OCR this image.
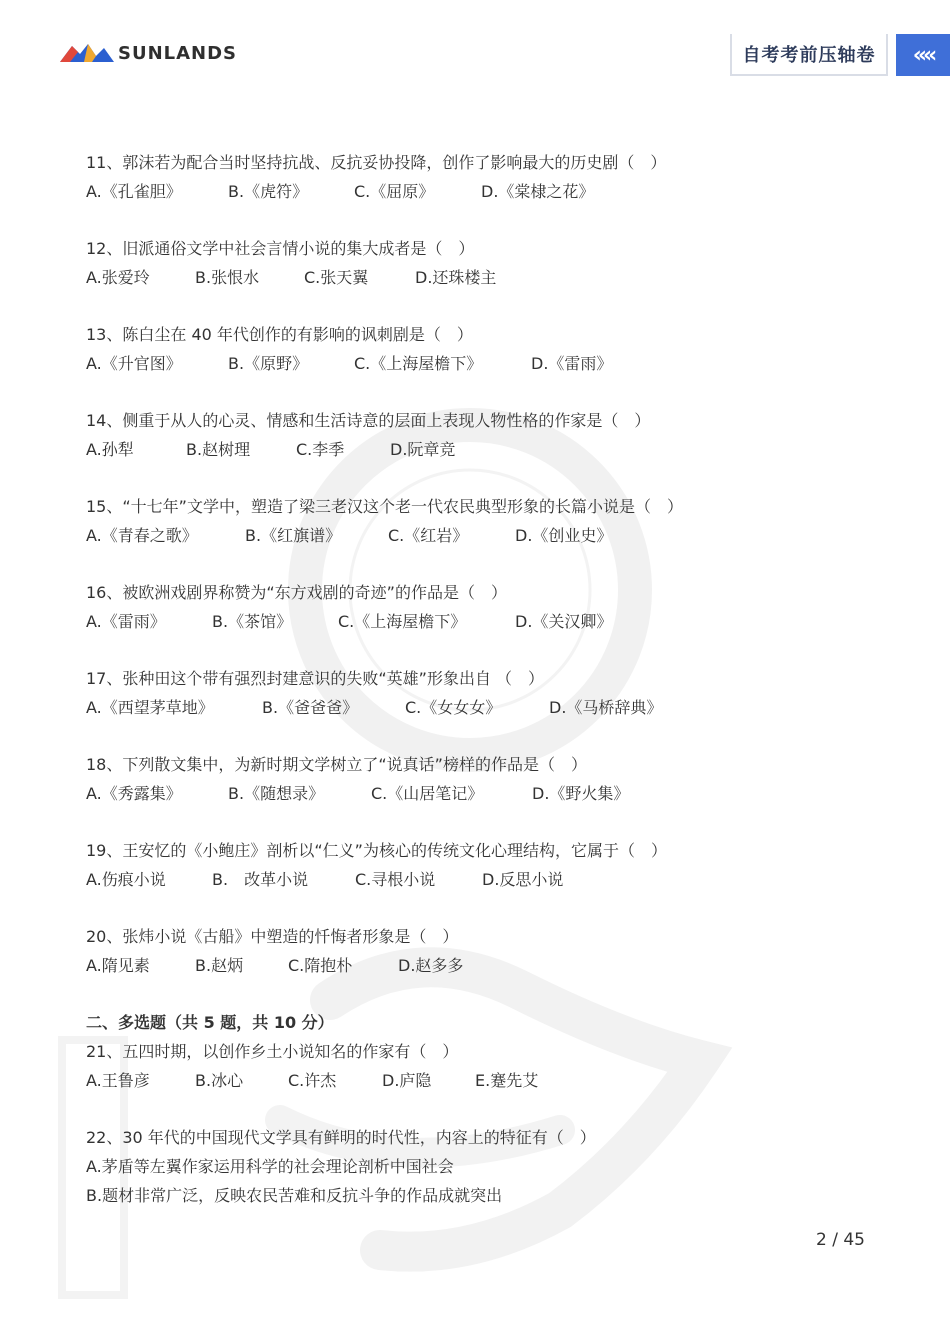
SUNLANDS	自考考前压轴卷 « «
11、郭沫若为配合当时坚持抗战、反抗妥协投降，创作了影响最大的历史剧（　）
A.《孔雀胆》	B.《虎符》	C.《屈原》	D.《棠棣之花》
12、旧派通俗文学中社会言情小说的集大成者是（　）
A.张爱玲	B.张恨水	C.张天翼	D.还珠楼主
13、陈白尘在 40 年代创作的有影响的讽刺剧是（　）
A.《升官图》	B.《原野》	C.《上海屋檐下》	D.《雷雨》
14、侧重于从人的心灵、情感和生活诗意的层面上表现人物性格的作家是（　）
A.孙犁	B.赵树理	C.李季	D.阮章竞
15、“十七年”文学中，塑造了梁三老汉这个老一代农民典型形象的长篇小说是（　）
A.《青春之歌》	B.《红旗谱》	C.《红岩》	D.《创业史》
16、被欧洲戏剧界称赞为“东方戏剧的奇迹”的作品是（　）
A.《雷雨》	B.《茶馆》	C.《上海屋檐下》	D.《关汉卿》
17、张种田这个带有强烈封建意识的失败“英雄”形象出自 （　）
A.《西望茅草地》	B.《爸爸爸》	C.《女女女》	D.《马桥辞典》
18、下列散文集中，为新时期文学树立了“说真话”榜样的作品是（　）
A.《秀露集》	B.《随想录》	C.《山居笔记》	D.《野火集》
19、王安忆的《小鲍庄》剖析以“仁义”为核心的传统文化心理结构，它属于（　）
A.伤痕小说	B.　改革小说	C.寻根小说	D.反思小说
20、张炜小说《古船》中塑造的忏悔者形象是（　）
A.隋见素	B.赵炳	C.隋抱朴	D.赵多多
二、多选题（共 5 题，共 10 分）
21、五四时期，以创作乡土小说知名的作家有（　）
A.王鲁彦	B.冰心	C.许杰	D.庐隐	E.蹇先艾
22、30 年代的中国现代文学具有鲜明的时代性，内容上的特征有（　）
A.茅盾等左翼作家运用科学的社会理论剖析中国社会
B.题材非常广泛，反映农民苦难和反抗斗争的作品成就突出
2 / 45
